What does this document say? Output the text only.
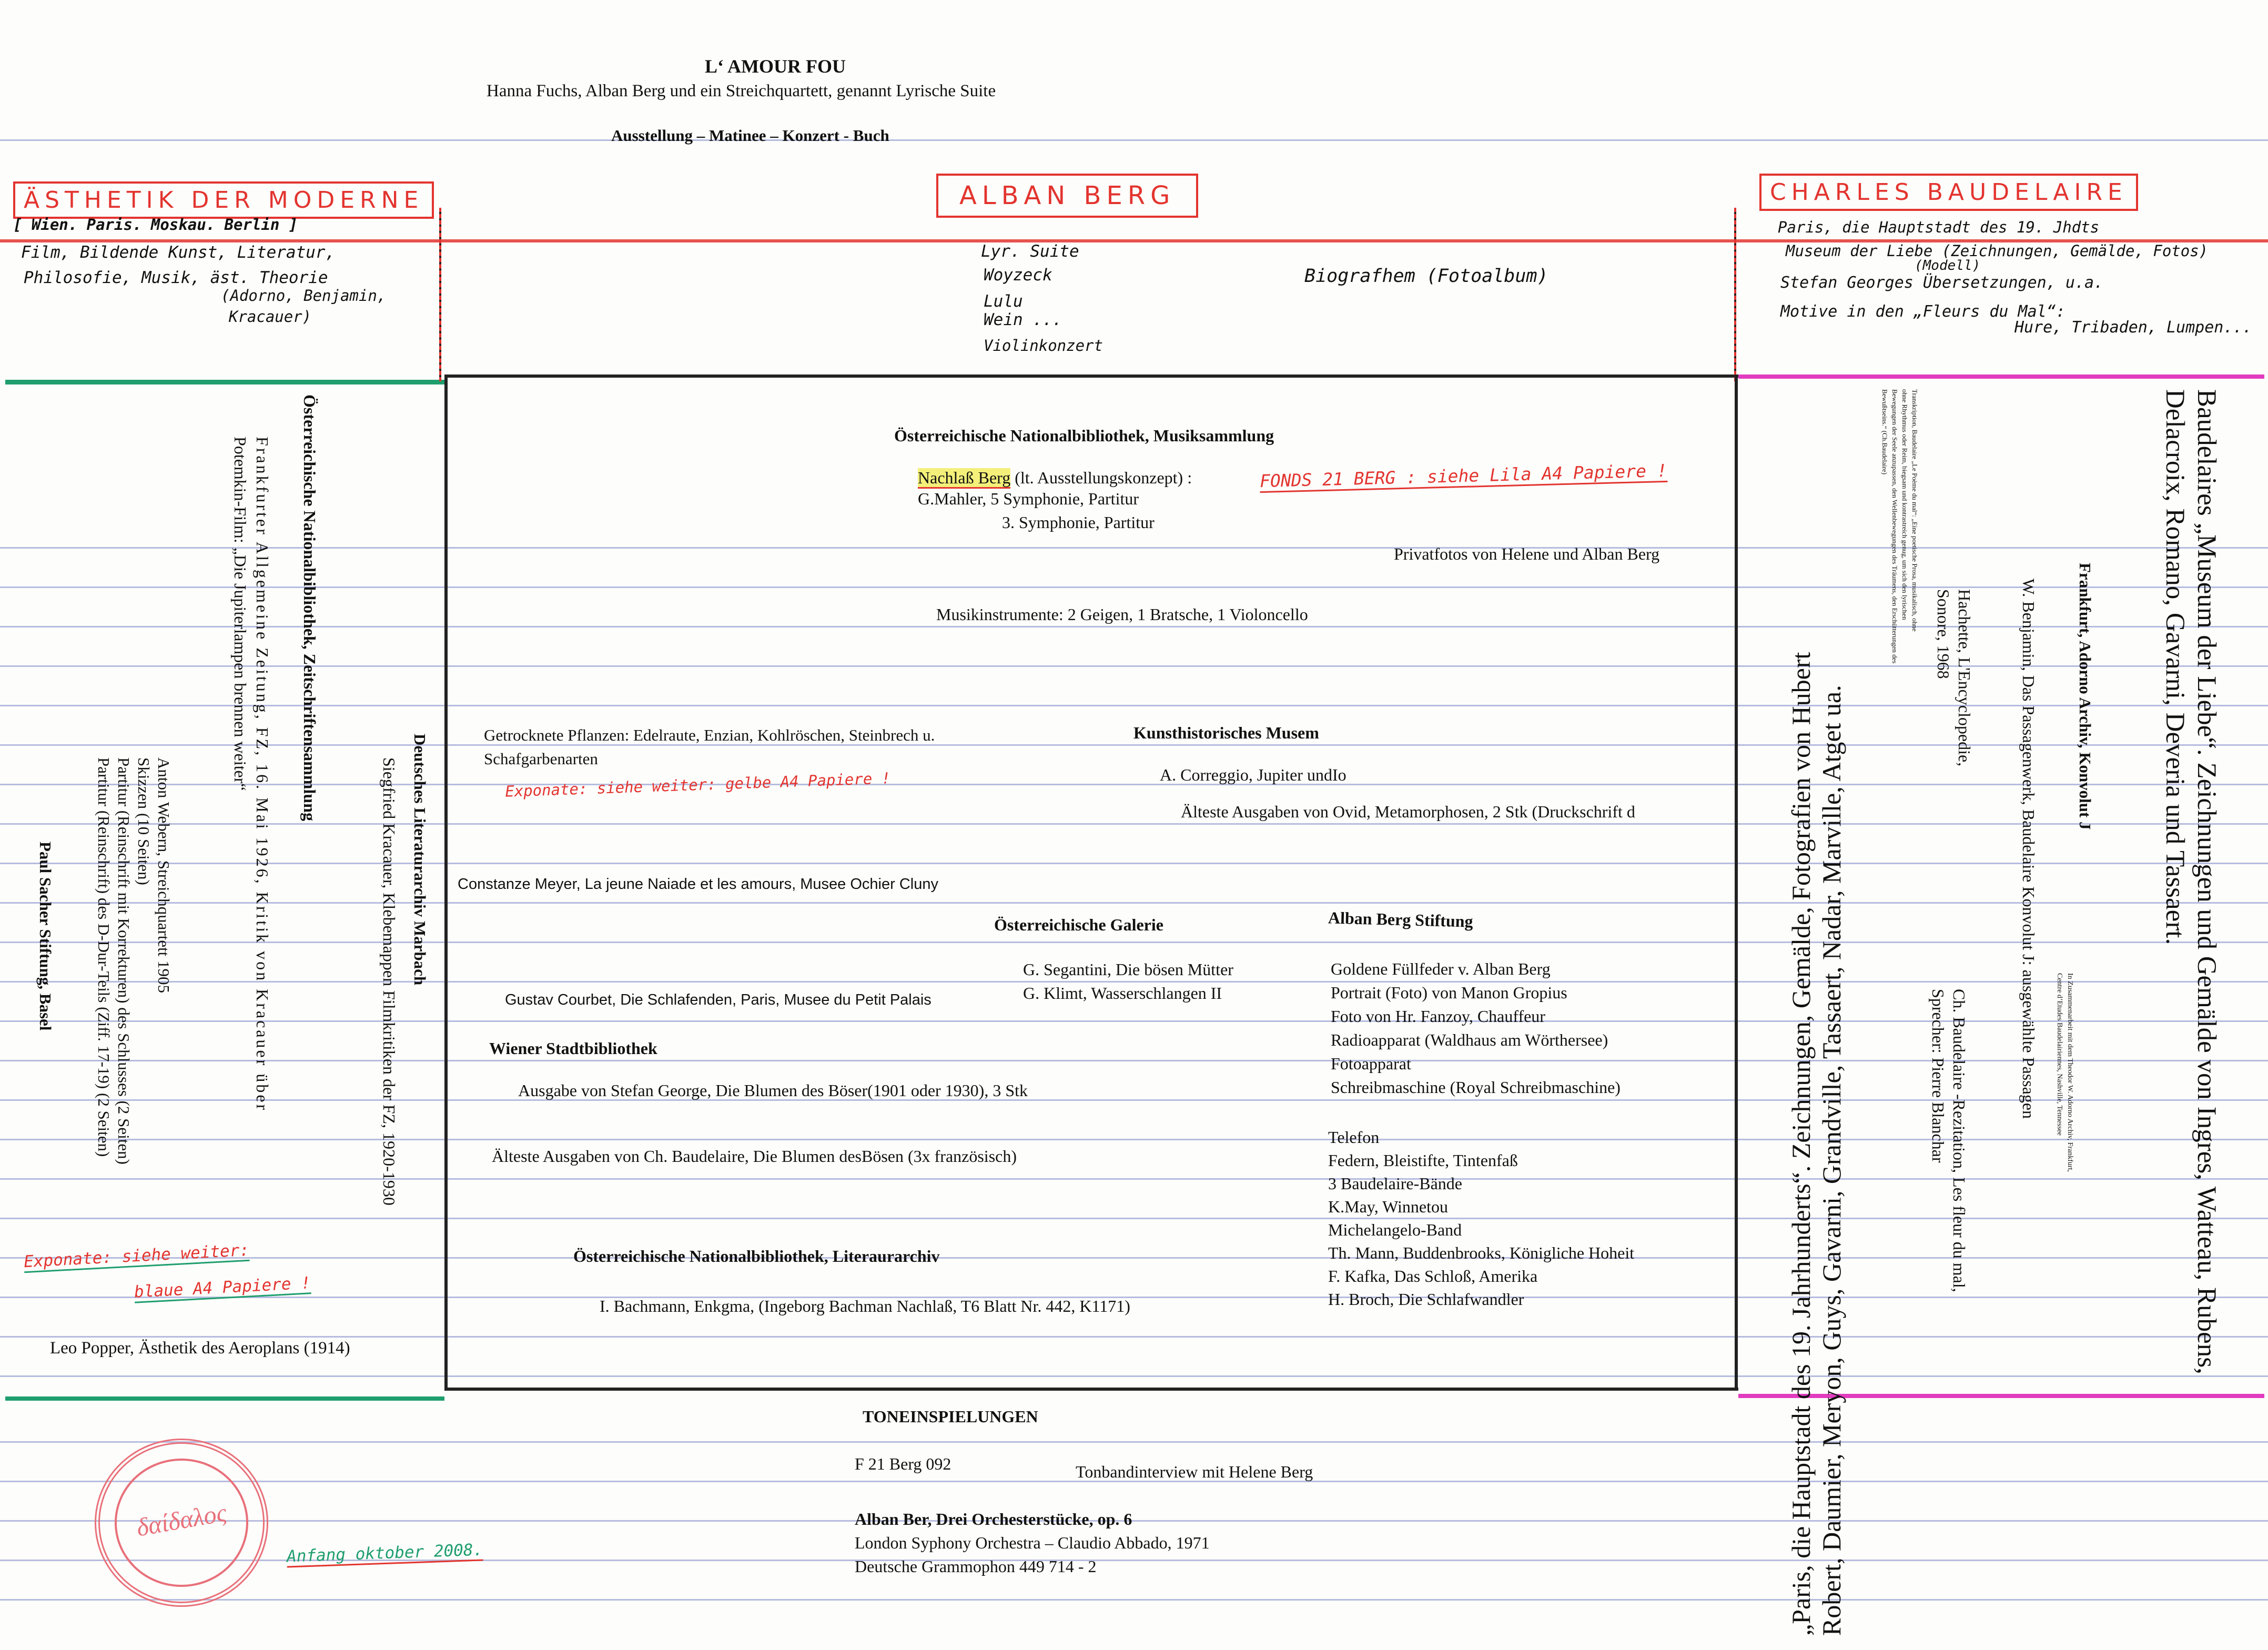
L‘ AMOUR FOU
Hanna Fuchs, Alban Berg und ein Streichquartett, genannt Lyrische Suite
Ausstellung – Matinee – Konzert - Buch
ÄSTHETIK DER MODERNE	ALBAN BERG	CHARLES BAUDELAIRE
[ Wien. Paris. Moskau. Berlin ]
Film, Bildende Kunst, Literatur,
Philosofie, Musik, äst. Theorie
(Adorno, Benjamin,
Kracauer)
Lyr. Suite
Woyzeck
Lulu
Wein ...
Violinkonzert
Biografhem (Fotoalbum)
Paris, die Hauptstadt des 19. Jhdts
Museum der Liebe (Zeichnungen, Gemälde, Fotos)
(Modell)
Stefan Georges Übersetzungen, u.a.
Motive in den „Fleurs du Mal“:
Hure, Tribaden, Lumpen...
Paul Sacher Stiftung, Basel	Anton Webern, Streichquartett 1905
Skizzen (10 Seiten)
Partitur (Reinschrift mit Korrekturen) des Schlusses (2 Seiten)
Partitur (Reinschrift) des D-Dur-Teils (Ziff. 17-19) (2 Seiten)
Österreichische Nationalbibliothek, Zeitschriftensammlung
Frankfurter Allgemeine Zeitung, FZ, 16. Mai 1926, Kritik von Kracauer über
Potemkin-Film: „Die Jupiterlampen brennen weiter“
Deutsches Literaturarchiv Marbach
Siegfried Kracauer, Klebemappen Filmkritiken der FZ, 1920-1930
Exponate: siehe weiter:
blaue A4 Papiere !
Leo Popper, Ästhetik des Aeroplans (1914)
Österreichische Nationalbibliothek, Musiksammlung
Nachlaß Berg (lt. Ausstellungskonzept) :	FONDS 21 BERG : siehe Lila A4 Papiere !
G.Mahler, 5 Symphonie, Partitur
3. Symphonie, Partitur
Privatfotos von Helene und Alban Berg
Musikinstrumente: 2 Geigen, 1 Bratsche, 1 Violoncello
Getrocknete Pflanzen: Edelraute, Enzian, Kohlröschen, Steinbrech u.
Schafgarbenarten
Exponate: siehe weiter: gelbe A4 Papiere !
Kunsthistorisches Musem
A. Correggio, Jupiter undIo
Älteste Ausgaben von Ovid, Metamorphosen, 2 Stk (Druckschrift d
Constanze Meyer, La jeune Naiade et les amours, Musee Ochier Cluny
Österreichische Galerie
G. Segantini, Die bösen Mütter
G. Klimt, Wasserschlangen II
Gustav Courbet, Die Schlafenden, Paris, Musee du Petit Palais
Wiener Stadtbibliothek
Ausgabe von Stefan George, Die Blumen des Böser(1901 oder 1930), 3 Stk
Älteste Ausgaben von Ch. Baudelaire, Die Blumen desBösen (3x französisch)
Österreichische Nationalbibliothek, Literaurarchiv
I. Bachmann, Enkgma, (Ingeborg Bachman Nachlaß, T6 Blatt Nr. 442, K1171)
Alban Berg Stiftung
Goldene Füllfeder v. Alban Berg
Portrait (Foto) von Manon Gropius
Foto von Hr. Fanzoy, Chauffeur
Radioapparat (Waldhaus am Wörthersee)
Fotoapparat
Schreibmaschine (Royal Schreibmaschine)
Telefon
Federn, Bleistifte, Tintenfaß
3 Baudelaire-Bände
K.May, Winnetou
Michelangelo-Band
Th. Mann, Buddenbrooks, Königliche Hoheit
F. Kafka, Das Schloß, Amerika
H. Broch, Die Schlafwandler
TONEINSPIELUNGEN
F 21 Berg 092	Tonbandinterview mit Helene Berg
Alban Ber, Drei Orchesterstücke, op. 6
London Syphony Orchestra – Claudio Abbado, 1971
Deutsche Grammophon 449 714 - 2
δαίδαλος
Anfang oktober 2008.
Baudelaires „Museum der Liebe“. Zeichnungen und Gemälde von Ingres, Watteau, Rubens,
Delacroix, Romano, Gavarni, Deveria und Tassaert.
Frankfurt, Adorno Archiv, Konvolut J
W. Benjamin, Das Passagenwerk, Baudelaire Konvolut J: ausgewählte Passagen	In Zusammenarbeit mit dem Theodor W. Adorno Archiv, Frankfurt,
Centre d’Etudes Baudelairiennes, Nashville, Tennessee
Hachette, L'Encyclopedie,
Sonore, 1968
Ch. Baudelaire -Rezitation, Les fleur du mal,
Sprecher: Pierre Blanchar
Transkription, Baudelaire „Le Poème du mal“: „Eine poetische Prosa, musikalisch, ohne
ohne Rhythmus oder Reim, biegsam und kontrastreich genug, um sich den lyrischen
Bewegungen der Seele anzupassen, den Wellenbewegungen des Träumens, den Erschütterungen des
Bewußtseins.“ (Ch.Baudelaire)
„Paris, die Hauptstadt des 19. Jahrhunderts“. Zeichnungen, Gemälde, Fotografien von Hubert Robert, Daumier, Meryon, Guys, Gavarni, Grandville, Tassaert, Nadar, Marville, Atget ua.
